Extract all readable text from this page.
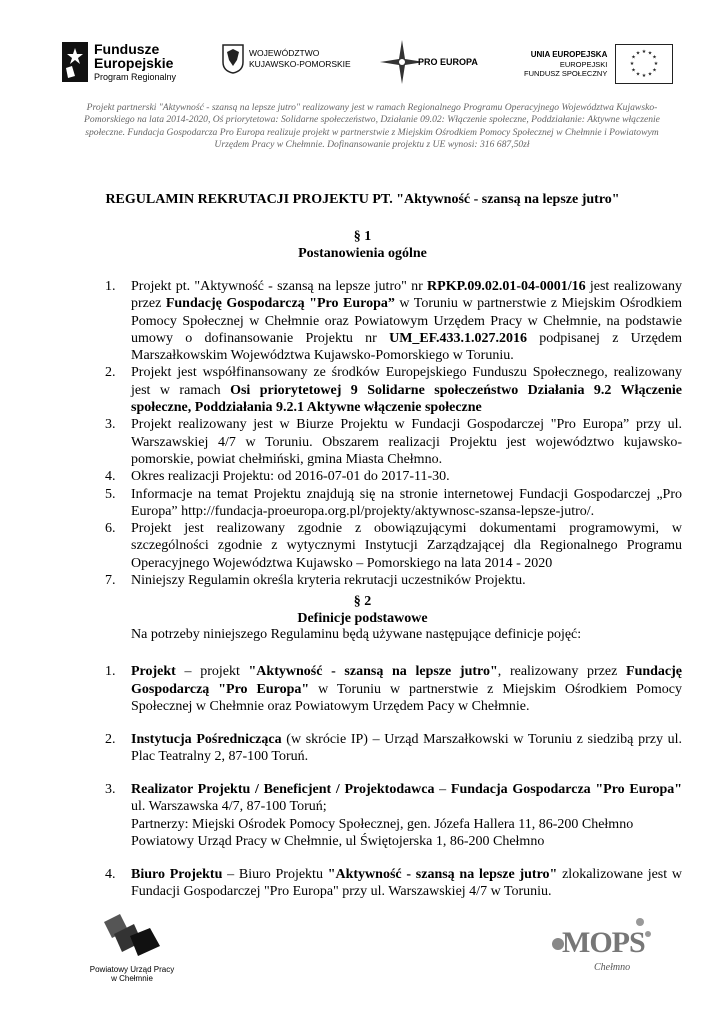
Fundusze
Europejskie
Program Regionalny
WOJEWÓDZTWO
KUJAWSKO-POMORSKIE	PRO EUROPA
UNIA EUROPEJSKA
EUROPEJSKI
FUNDUSZ SPOŁECZNY
★ ★
★
★
★
★
★
★
★
★
★
★
Projekt partnerski "Aktywność - szansą na lepsze jutro" realizowany jest w ramach Regionalnego Programu Operacyjnego Województwa Kujawsko-Pomorskiego na lata 2014-2020, Oś priorytetowa: Solidarne społeczeństwo, Działanie 09.02: Włączenie społeczne, Poddziałanie: Aktywne włączenie społeczne. Fundacja Gospodarcza Pro Europa realizuje projekt w partnerstwie z Miejskim Ośrodkiem Pomocy Społecznej w Chełmnie i Powiatowym Urzędem Pracy w Chełmnie. Dofinansowanie projektu z UE wynosi: 316 687,50zł
REGULAMIN REKRUTACJI PROJEKTU PT. "Aktywność - szansą na lepsze jutro"
§ 1
Postanowienia ogólne
1. Projekt pt. "Aktywność - szansą na lepsze jutro" nr RPKP.09.02.01-04-0001/16 jest realizowany przez Fundację Gospodarczą "Pro Europa” w Toruniu w partnerstwie z Miejskim Ośrodkiem Pomocy Społecznej w Chełmnie oraz Powiatowym Urzędem Pracy w Chełmnie, na podstawie umowy o dofinansowanie Projektu nr UM_EF.433.1.027.2016 podpisanej z Urzędem Marszałkowskim Województwa Kujawsko-Pomorskiego w Toruniu.
2. Projekt jest współfinansowany ze środków Europejskiego Funduszu Społecznego, realizowany jest w ramach Osi priorytetowej 9 Solidarne społeczeństwo Działania 9.2 Włączenie społeczne, Poddziałania 9.2.1 Aktywne włączenie społeczne
3. Projekt realizowany jest w Biurze Projektu w Fundacji Gospodarczej "Pro Europa” przy ul. Warszawskiej 4/7 w Toruniu. Obszarem realizacji Projektu jest województwo kujawsko-pomorskie, powiat chełmiński, gmina Miasta Chełmno.
4. Okres realizacji Projektu: od 2016-07-01 do 2017-11-30.
5. Informacje na temat Projektu znajdują się na stronie internetowej Fundacji Gospodarczej „Pro Europa” http://fundacja-proeuropa.org.pl/projekty/aktywnosc-szansa-lepsze-jutro/.
6. Projekt jest realizowany zgodnie z obowiązującymi dokumentami programowymi, w szczególności zgodnie z wytycznymi Instytucji Zarządzającej dla Regionalnego Programu Operacyjnego Województwa Kujawsko – Pomorskiego na lata 2014 - 2020
7. Niniejszy Regulamin określa kryteria rekrutacji uczestników Projektu.
§ 2
Definicje podstawowe
Na potrzeby niniejszego Regulaminu będą używane następujące definicje pojęć:
1. Projekt – projekt "Aktywność - szansą na lepsze jutro", realizowany przez Fundację Gospodarczą "Pro Europa" w Toruniu w partnerstwie z Miejskim Ośrodkiem Pomocy Społecznej w Chełmnie oraz Powiatowym Urzędem Pacy w Chełmnie.
2. Instytucja Pośrednicząca (w skrócie IP) – Urząd Marszałkowski w Toruniu z siedzibą przy ul. Plac Teatralny 2, 87-100 Toruń.
3. Realizator Projektu / Beneficjent / Projektodawca – Fundacja Gospodarcza "Pro Europa" ul. Warszawska 4/7, 87-100 Toruń;
Partnerzy: Miejski Ośrodek Pomocy Społecznej, gen. Józefa Hallera 11, 86-200 Chełmno
Powiatowy Urząd Pracy w Chełmnie, ul Świętojerska 1, 86-200 Chełmno
4. Biuro Projektu – Biuro Projektu "Aktywność - szansą na lepsze jutro" zlokalizowane jest w Fundacji Gospodarczej "Pro Europa" przy ul. Warszawskiej 4/7 w Toruniu.
Powiatowy Urząd Pracy
w Chełmnie
MOPS
Chełmno
